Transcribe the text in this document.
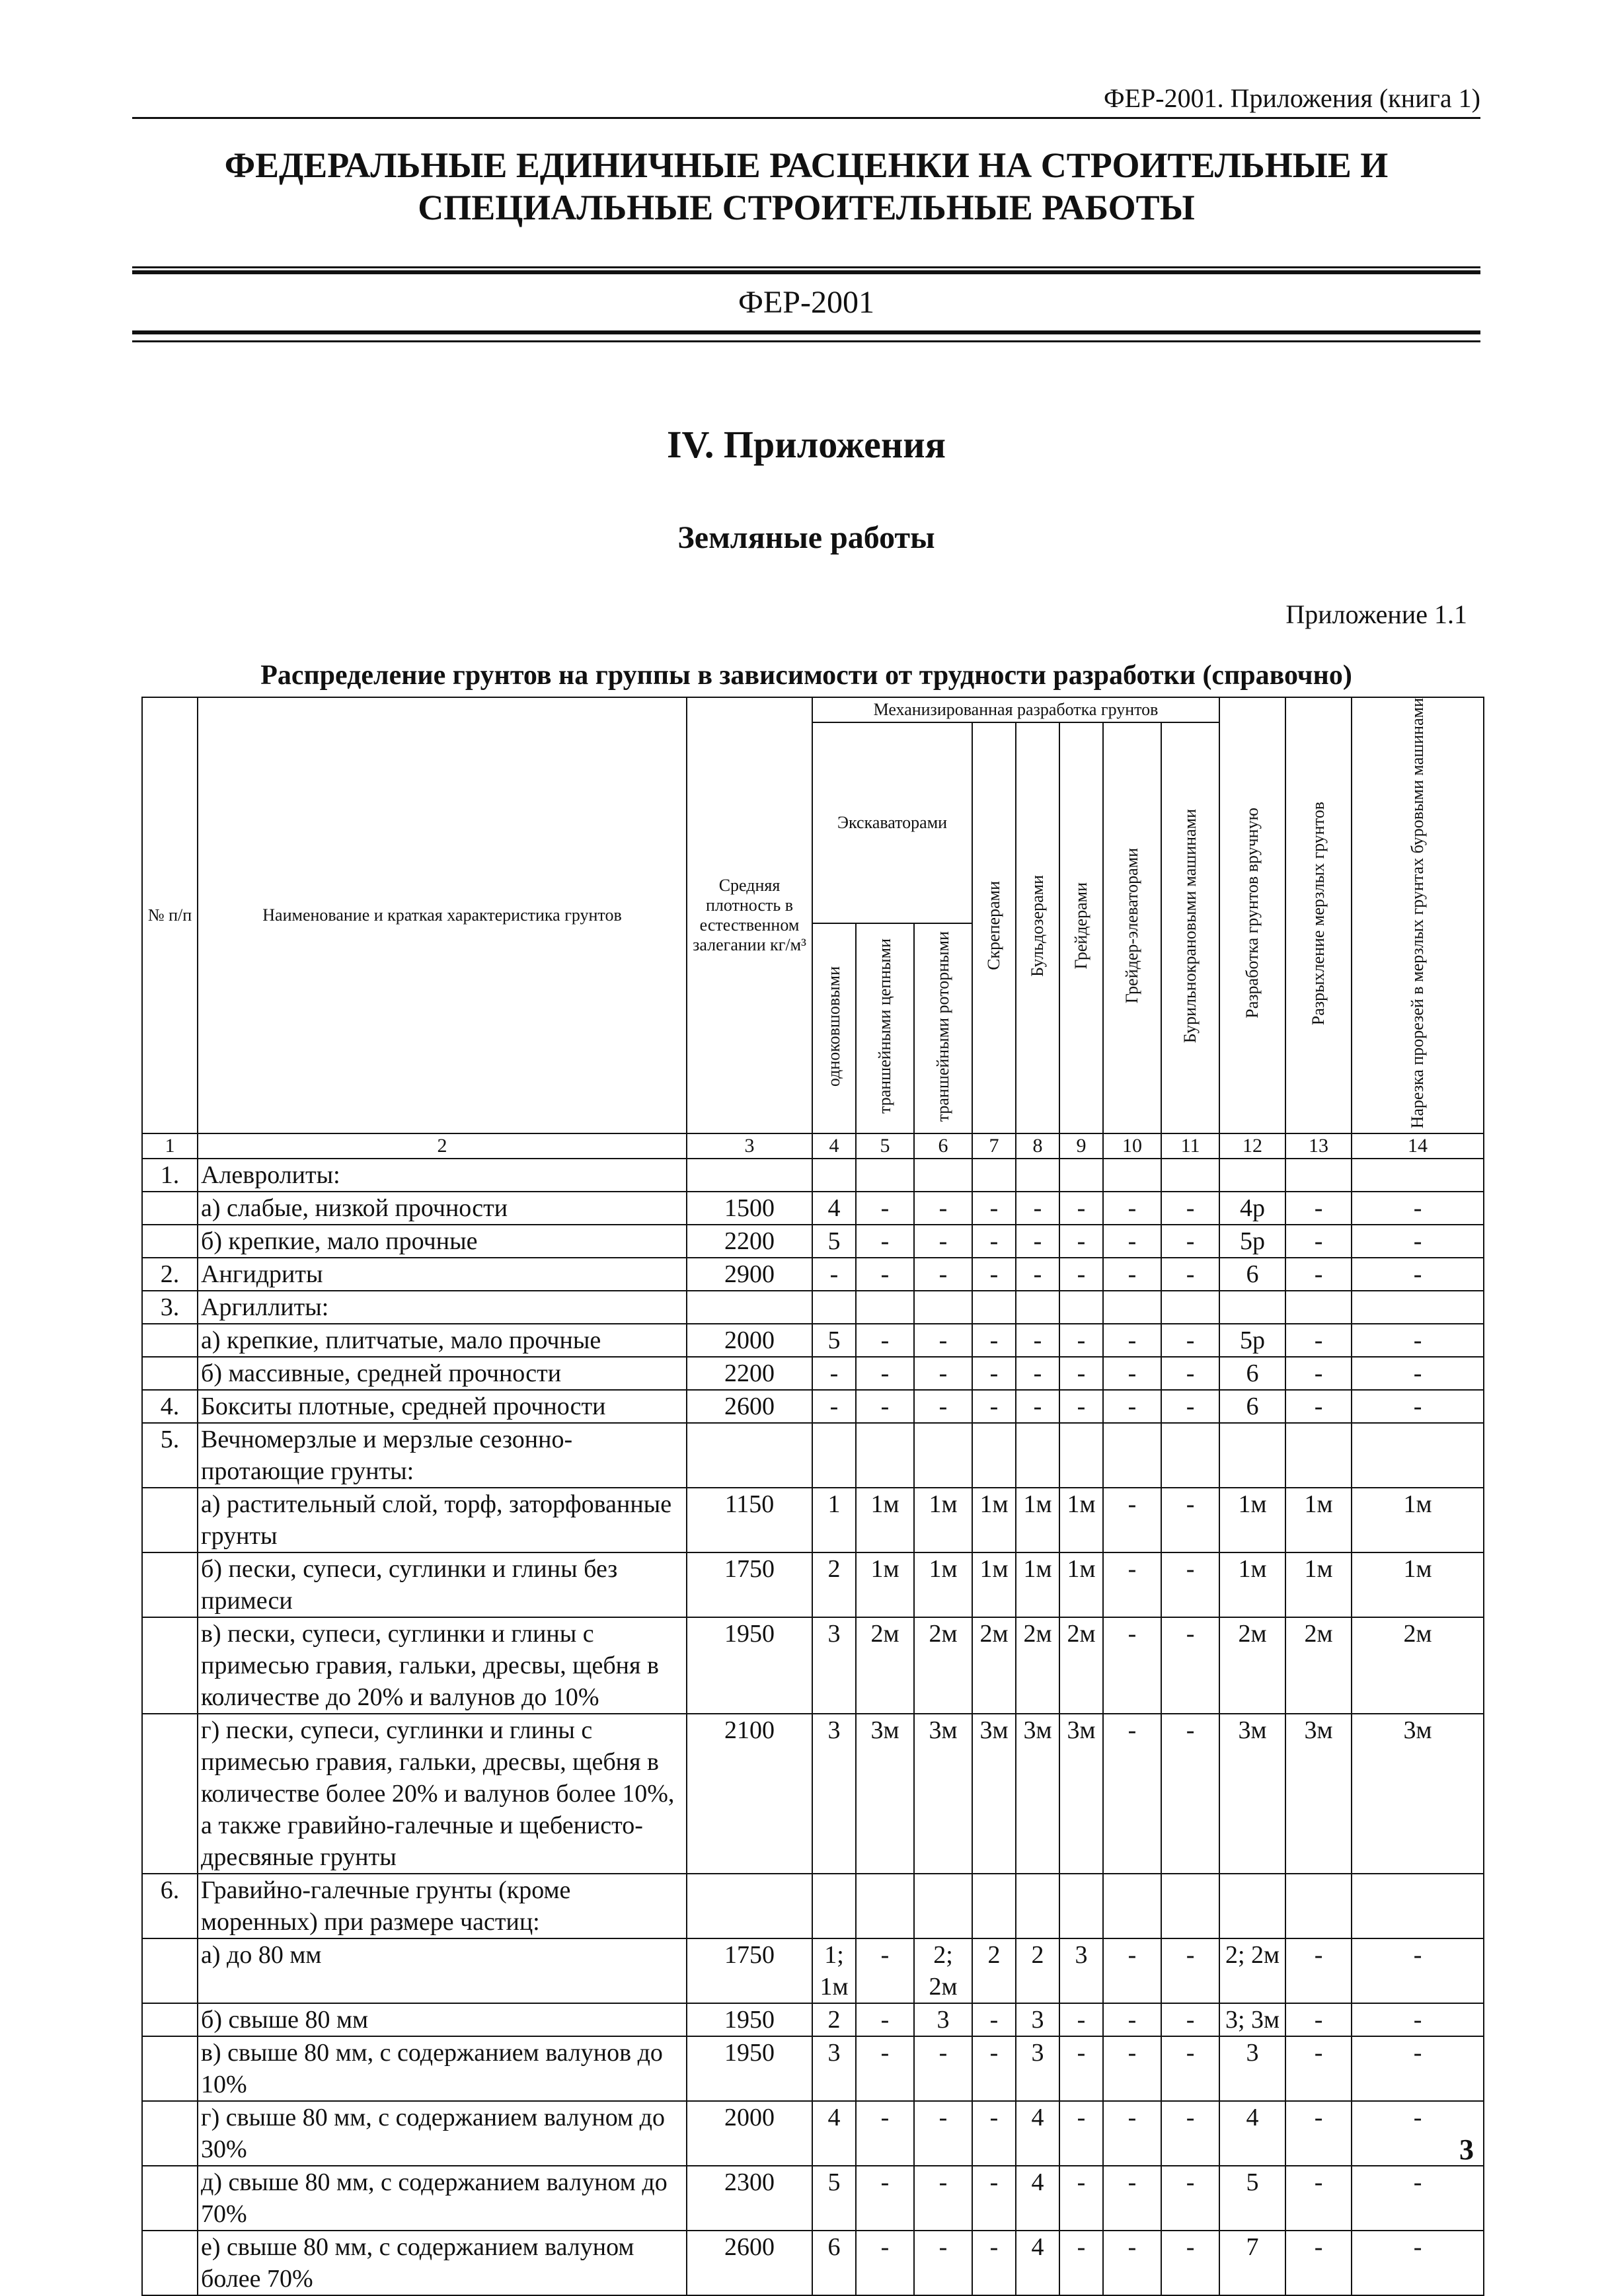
ФЕР-2001. Приложения (книга 1)
ФЕДЕРАЛЬНЫЕ ЕДИНИЧНЫЕ РАСЦЕНКИ НА СТРОИТЕЛЬНЫЕ И
СПЕЦИАЛЬНЫЕ СТРОИТЕЛЬНЫЕ РАБОТЫ
ФЕР-2001
IV. Приложения
Земляные работы
Приложение 1.1
Распределение грунтов на группы в зависимости от трудности разработки (справочно)
№ п/п	Наименование и краткая характеристика грунтов	Средняя плотность в естественном залегании кг/м³	Механизированная разработка грунтов								Разработка грунтов вручную	Разрыхление мерзлых грунтов	Нарезка прорезей в мерзлых грунтах буровыми машинами
			Экскаваторами			Скреперами	Бульдозерами	Грейдерами	Грейдер-элеваторами	Бурильнокрановыми машинами			
			одноковшовыми	траншейными цепными	траншейными роторными								
1	2	3	4	5	6	7	8	9	10	11	12	13	14
1.	Алевролиты:												
	а) слабые, низкой прочности	1500	4	-	-	-	-	-	-	-	4р	-	-
	б) крепкие, мало прочные	2200	5	-	-	-	-	-	-	-	5р	-	-
2.	Ангидриты	2900	-	-	-	-	-	-	-	-	6	-	-
3.	Аргиллиты:												
	а) крепкие, плитчатые, мало прочные	2000	5	-	-	-	-	-	-	-	5р	-	-
	б) массивные, средней прочности	2200	-	-	-	-	-	-	-	-	6	-	-
4.	Бокситы плотные, средней прочности	2600	-	-	-	-	-	-	-	-	6	-	-
5.	Вечномерзлые и мерзлые сезонно-протающие грунты:												
	а) растительный слой, торф, заторфованные грунты	1150	1	1м	1м	1м	1м	1м	-	-	1м	1м	1м
	б) пески, супеси, суглинки и глины без примеси	1750	2	1м	1м	1м	1м	1м	-	-	1м	1м	1м
	в) пески, супеси, суглинки и глины с примесью гравия, гальки, дресвы, щебня в количестве до 20% и валунов до 10%	1950	3	2м	2м	2м	2м	2м	-	-	2м	2м	2м
	г) пески, супеси, суглинки и глины с примесью гравия, гальки, дресвы, щебня в количестве более 20% и валунов более 10%, а также гравийно-галечные и щебенисто-дресвяные грунты	2100	3	3м	3м	3м	3м	3м	-	-	3м	3м	3м
6.	Гравийно-галечные грунты (кроме моренных) при размере частиц:												
	а) до 80 мм	1750	1; 1м	-	2; 2м	2	2	3	-	-	2; 2м	-	-
	б) свыше 80 мм	1950	2	-	3	-	3	-	-	-	3; 3м	-	-
	в) свыше 80 мм, с содержанием валунов до 10%	1950	3	-	-	-	3	-	-	-	3	-	-
	г) свыше 80 мм, с содержанием валуном до 30%	2000	4	-	-	-	4	-	-	-	4	-	-
	д) свыше 80 мм, с содержанием валуном до 70%	2300	5	-	-	-	4	-	-	-	5	-	-
	е) свыше 80 мм, с содержанием валуном более 70%	2600	6	-	-	-	4	-	-	-	7	-	-
3
